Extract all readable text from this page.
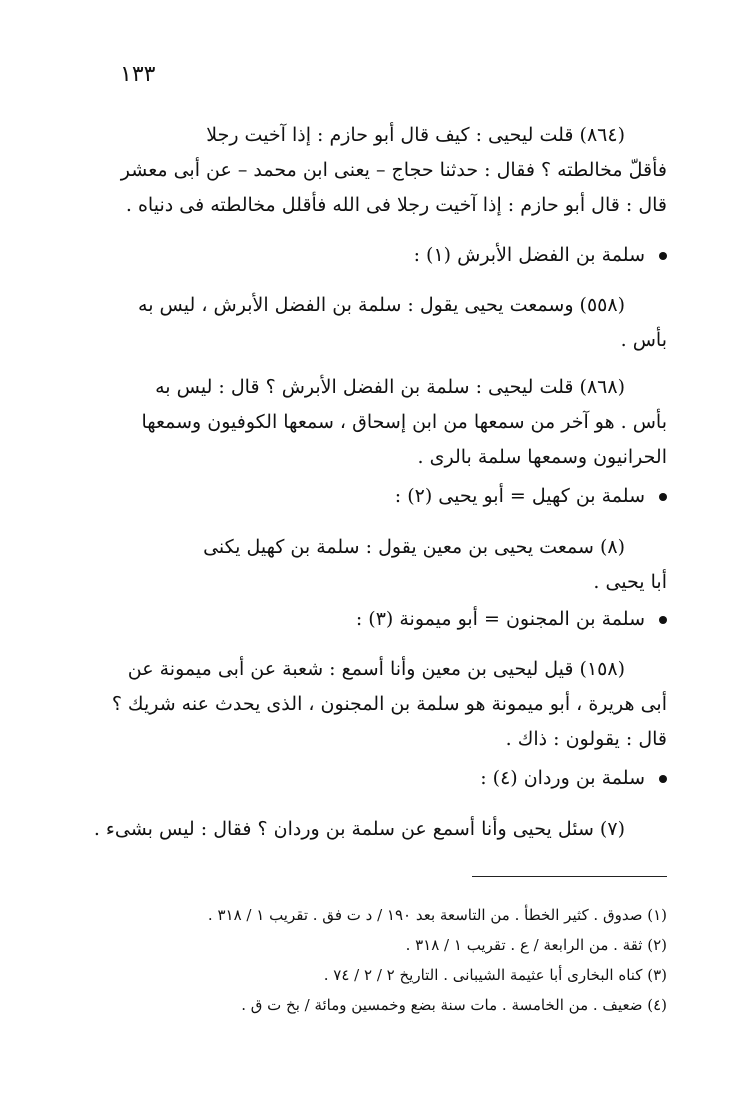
١٣٣
(٨٦٤) قلت ليحيى : كيف قال أبو حازم : إذا آخيت رجلا
فأقلّ مخالطته ؟ فقال : حدثنا حجاج – يعنى ابن محمد – عن أبى معشر
قال : قال أبو حازم : إذا آخيت رجلا فى الله فأقلل مخالطته فى دنياه .
سلمة بن الفضل الأبرش (١) :
(٥٥٨) وسمعت يحيى يقول : سلمة بن الفضل الأبرش ، ليس به
بأس .
(٨٦٨) قلت ليحيى : سلمة بن الفضل الأبرش ؟ قال : ليس به
بأس . هو آخر من سمعها من ابن إسحاق ، سمعها الكوفيون وسمعها
الحرانيون وسمعها سلمة بالرى .
سلمة بن كهيل = أبو يحيى (٢) :
(٨) سمعت يحيى بن معين يقول : سلمة بن كهيل يكنى
أبا يحيى .
سلمة بن المجنون = أبو ميمونة (٣) :
(١٥٨) قيل ليحيى بن معين وأنا أسمع : شعبة عن أبى ميمونة عن
أبى هريرة ، أبو ميمونة هو سلمة بن المجنون ، الذى يحدث عنه شريك ؟
قال : يقولون : ذاك .
سلمة بن وردان (٤) :
(٧) سئل يحيى وأنا أسمع عن سلمة بن وردان ؟ فقال : ليس بشىء .
(١) صدوق . كثير الخطأ . من التاسعة بعد ١٩٠ / د ت فق . تقريب ١ / ٣١٨ .
(٢) ثقة . من الرابعة / ع . تقريب ١ / ٣١٨ .
(٣) كناه البخارى أبا عثيمة الشيبانى . التاريخ ٢ / ٢ / ٧٤ .
(٤) ضعيف . من الخامسة . مات سنة بضع وخمسين ومائة / بخ ت ق .
